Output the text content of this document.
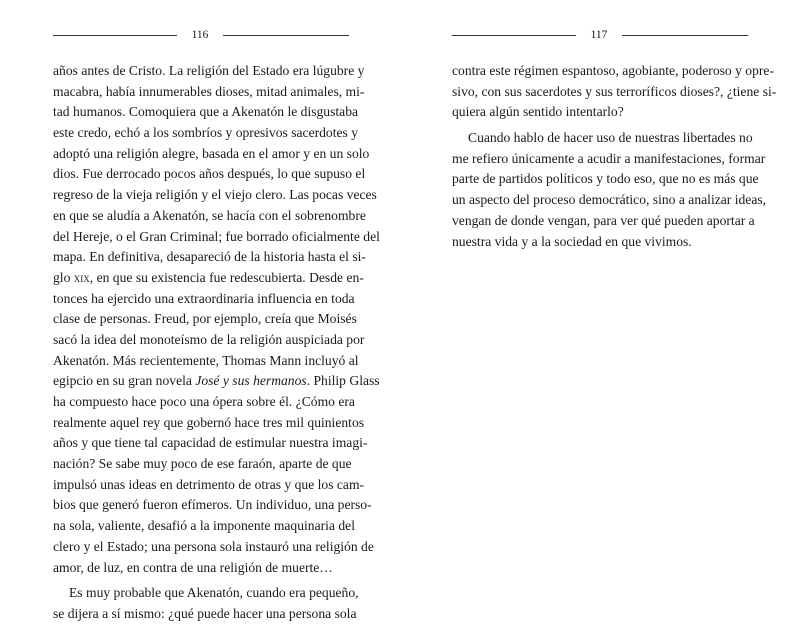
116
años antes de Cristo. La religión del Estado era lúgubre y
macabra, había innumerables dioses, mitad animales, mi-
tad humanos. Comoquiera que a Akenatón le disgustaba
este credo, echó a los sombríos y opresivos sacerdotes y
adoptó una religión alegre, basada en el amor y en un solo
dios. Fue derrocado pocos años después, lo que supuso el
regreso de la vieja religión y el viejo clero. Las pocas veces
en que se aludía a Akenatón, se hacía con el sobrenombre
del Hereje, o el Gran Criminal; fue borrado oficialmente del
mapa. En definitiva, desapareció de la historia hasta el si-
glo xix, en que su existencia fue redescubierta. Desde en-
tonces ha ejercido una extraordinaria influencia en toda
clase de personas. Freud, por ejemplo, creía que Moisés
sacó la idea del monoteísmo de la religión auspiciada por
Akenatón. Más recientemente, Thomas Mann incluyó al
egipcio en su gran novela José y sus hermanos. Philip Glass
ha compuesto hace poco una ópera sobre él. ¿Cómo era
realmente aquel rey que gobernó hace tres mil quinientos
años y que tiene tal capacidad de estimular nuestra imagi-
nación? Se sabe muy poco de ese faraón, aparte de que
impulsó unas ideas en detrimento de otras y que los cam-
bios que generó fueron efímeros. Un individuo, una perso-
na sola, valiente, desafió a la imponente maquinaria del
clero y el Estado; una persona sola instauró una religión de
amor, de luz, en contra de una religión de muerte…
Es muy probable que Akenatón, cuando era pequeño,
se dijera a sí mismo: ¿qué puede hacer una persona sola
117
contra este régimen espantoso, agobiante, poderoso y opre-
sivo, con sus sacerdotes y sus terroríficos dioses?, ¿tiene si-
quiera algún sentido intentarlo?
Cuando hablo de hacer uso de nuestras libertades no
me refiero únicamente a acudir a manifestaciones, formar
parte de partidos políticos y todo eso, que no es más que
un aspecto del proceso democrático, sino a analizar ideas,
vengan de donde vengan, para ver qué pueden aportar a
nuestra vida y a la sociedad en que vivimos.
